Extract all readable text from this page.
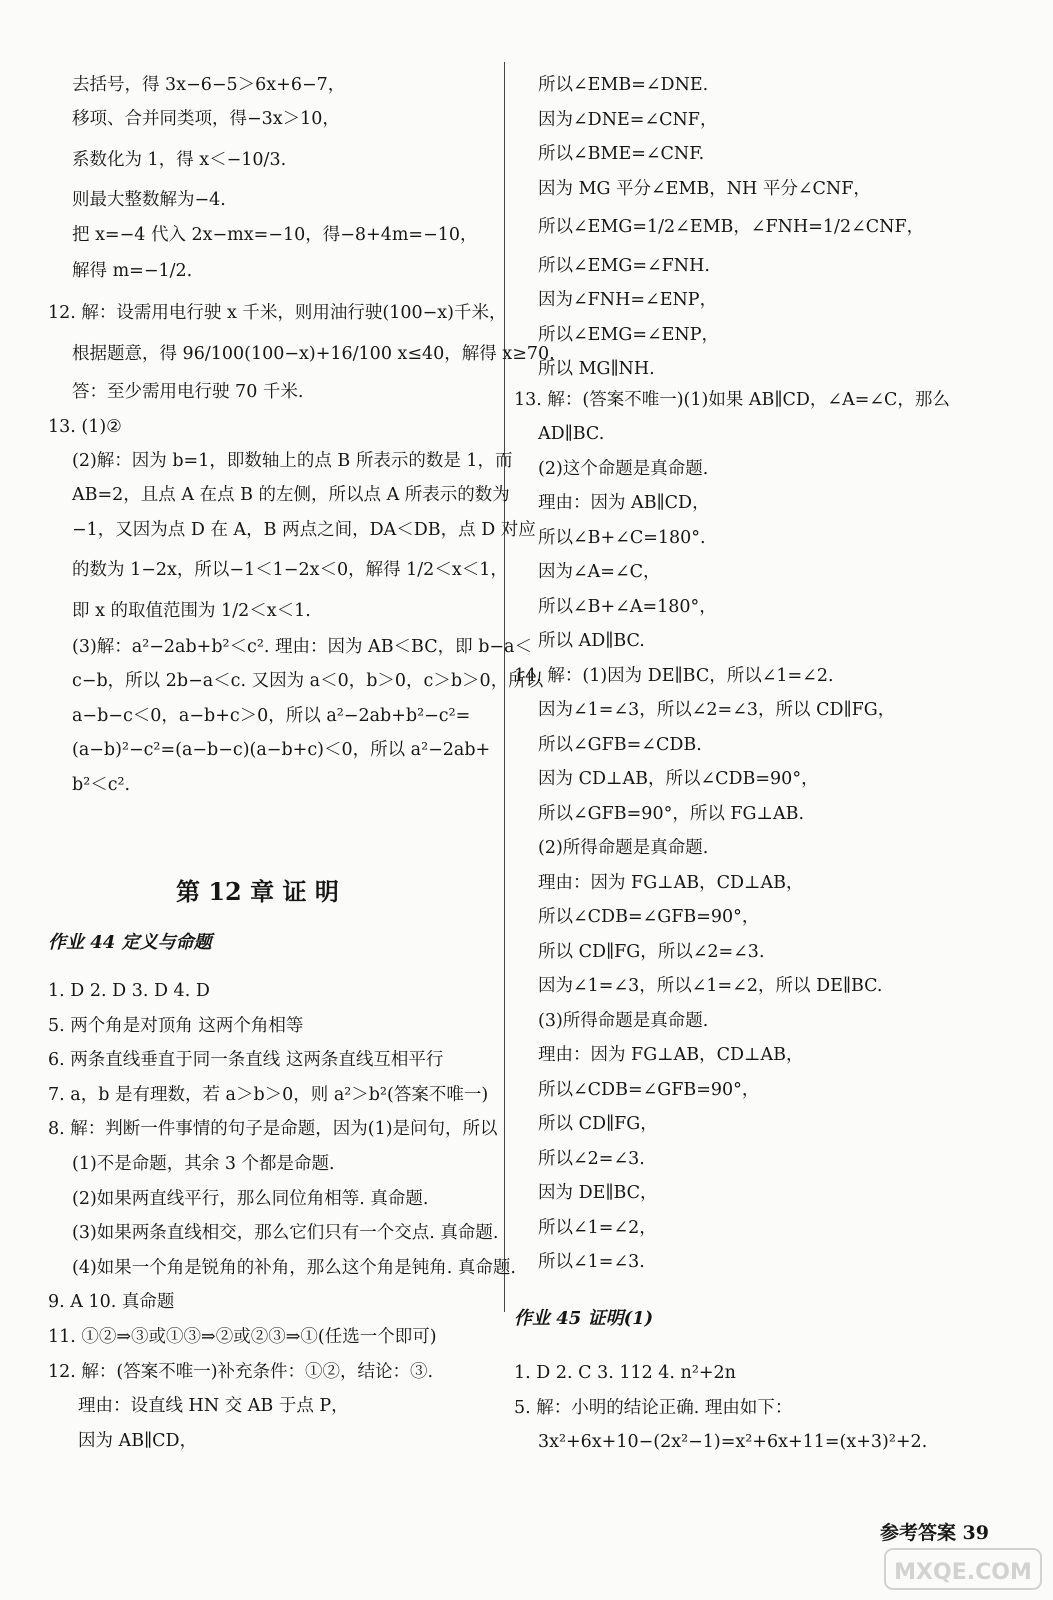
去括号，得 3x−6−5＞6x+6−7，
移项、合并同类项，得−3x＞10，
系数化为 1，得 x＜−10/3.
则最大整数解为−4.
把 x=−4 代入 2x−mx=−10，得−8+4m=−10，
解得 m=−1/2.
12. 解：设需用电行驶 x 千米，则用油行驶(100−x)千米，
根据题意，得 96/100(100−x)+16/100 x≤40，解得 x≥70.
答：至少需用电行驶 70 千米.
13. (1)②
(2)解：因为 b=1，即数轴上的点 B 所表示的数是 1，而
AB=2，且点 A 在点 B 的左侧，所以点 A 所表示的数为
−1，又因为点 D 在 A，B 两点之间，DA＜DB，点 D 对应
的数为 1−2x，所以−1＜1−2x＜0，解得 1/2＜x＜1，
即 x 的取值范围为 1/2＜x＜1.
(3)解：a²−2ab+b²＜c². 理由：因为 AB＜BC，即 b−a＜
c−b，所以 2b−a＜c. 又因为 a＜0，b＞0，c＞b＞0，所以
a−b−c＜0，a−b+c＞0，所以 a²−2ab+b²−c²=
(a−b)²−c²=(a−b−c)(a−b+c)＜0，所以 a²−2ab+
b²＜c².
第 12 章 证 明
作业 44 定义与命题
1. D 2. D 3. D 4. D
5. 两个角是对顶角 这两个角相等
6. 两条直线垂直于同一条直线 这两条直线互相平行
7. a，b 是有理数，若 a＞b＞0，则 a²＞b²(答案不唯一)
8. 解：判断一件事情的句子是命题，因为(1)是问句，所以
(1)不是命题，其余 3 个都是命题.
(2)如果两直线平行，那么同位角相等. 真命题.
(3)如果两条直线相交，那么它们只有一个交点. 真命题.
(4)如果一个角是锐角的补角，那么这个角是钝角. 真命题.
9. A 10. 真命题
11. ①②⇒③或①③⇒②或②③⇒①(任选一个即可)
12. 解：(答案不唯一)补充条件：①②，结论：③.
理由：设直线 HN 交 AB 于点 P，
因为 AB∥CD，
所以∠EMB=∠DNE.
因为∠DNE=∠CNF，
所以∠BME=∠CNF.
因为 MG 平分∠EMB，NH 平分∠CNF，
所以∠EMG=1/2∠EMB，∠FNH=1/2∠CNF，
所以∠EMG=∠FNH.
因为∠FNH=∠ENP，
所以∠EMG=∠ENP，
所以 MG∥NH.
13. 解：(答案不唯一)(1)如果 AB∥CD，∠A=∠C，那么
AD∥BC.
(2)这个命题是真命题.
理由：因为 AB∥CD，
所以∠B+∠C=180°.
因为∠A=∠C，
所以∠B+∠A=180°，
所以 AD∥BC.
14. 解：(1)因为 DE∥BC，所以∠1=∠2.
因为∠1=∠3，所以∠2=∠3，所以 CD∥FG，
所以∠GFB=∠CDB.
因为 CD⊥AB，所以∠CDB=90°，
所以∠GFB=90°，所以 FG⊥AB.
(2)所得命题是真命题.
理由：因为 FG⊥AB，CD⊥AB，
所以∠CDB=∠GFB=90°，
所以 CD∥FG，所以∠2=∠3.
因为∠1=∠3，所以∠1=∠2，所以 DE∥BC.
(3)所得命题是真命题.
理由：因为 FG⊥AB，CD⊥AB，
所以∠CDB=∠GFB=90°，
所以 CD∥FG，
所以∠2=∠3.
因为 DE∥BC，
所以∠1=∠2，
所以∠1=∠3.
作业 45 证明(1)
1. D 2. C 3. 112 4. n²+2n
5. 解：小明的结论正确. 理由如下：
3x²+6x+10−(2x²−1)=x²+6x+11=(x+3)²+2.
参考答案 39
MXQE.COM
